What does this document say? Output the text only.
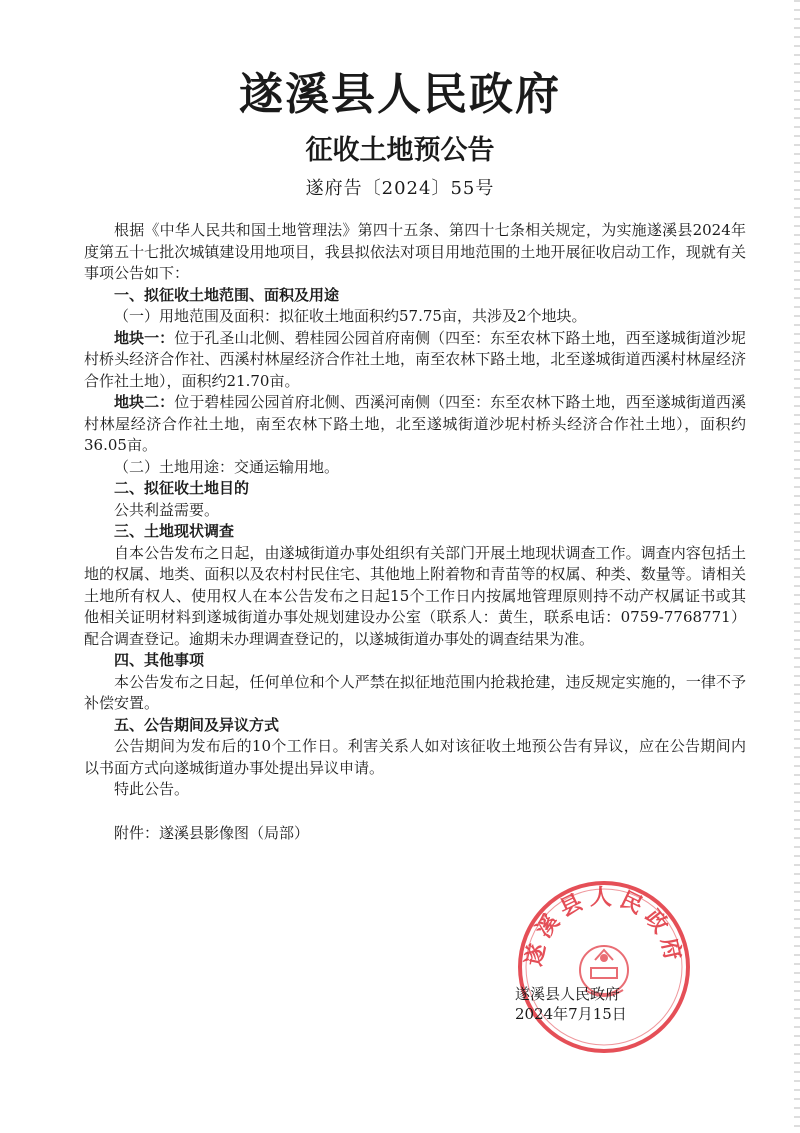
遂溪县人民政府
征收土地预公告
遂府告〔2024〕55号

根据《中华人民共和国土地管理法》第四十五条、第四十七条相关规定，为实施遂溪县2024年度第五十七批次城镇建设用地项目，我县拟依法对项目用地范围的土地开展征收启动工作，现就有关事项公告如下：

一、拟征收土地范围、面积及用途

（一）用地范围及面积：拟征收土地面积约57.75亩，共涉及2个地块。

地块一：位于孔圣山北侧、碧桂园公园首府南侧（四至：东至农林下路土地，西至遂城街道沙坭村桥头经济合作社、西溪村林屋经济合作社土地，南至农林下路土地，北至遂城街道西溪村林屋经济合作社土地），面积约21.70亩。

地块二：位于碧桂园公园首府北侧、西溪河南侧（四至：东至农林下路土地，西至遂城街道西溪村林屋经济合作社土地，南至农林下路土地，北至遂城街道沙坭村桥头经济合作社土地），面积约36.05亩。

（二）土地用途：交通运输用地。

二、拟征收土地目的

公共利益需要。

三、土地现状调查

自本公告发布之日起，由遂城街道办事处组织有关部门开展土地现状调查工作。调查内容包括土地的权属、地类、面积以及农村村民住宅、其他地上附着物和青苗等的权属、种类、数量等。请相关土地所有权人、使用权人在本公告发布之日起15个工作日内按属地管理原则持不动产权属证书或其他相关证明材料到遂城街道办事处规划建设办公室（联系人：黄生，联系电话：0759-7768771）配合调查登记。逾期未办理调查登记的，以遂城街道办事处的调查结果为准。

四、其他事项

本公告发布之日起，任何单位和个人严禁在拟征地范围内抢栽抢建，违反规定实施的，一律不予补偿安置。

五、公告期间及异议方式

公告期间为发布后的10个工作日。利害关系人如对该征收土地预公告有异议，应在公告期间内以书面方式向遂城街道办事处提出异议申请。

特此公告。

附件：遂溪县影像图（局部）

遂溪县人民政府
遂溪县人民政府
2024年7月15日
